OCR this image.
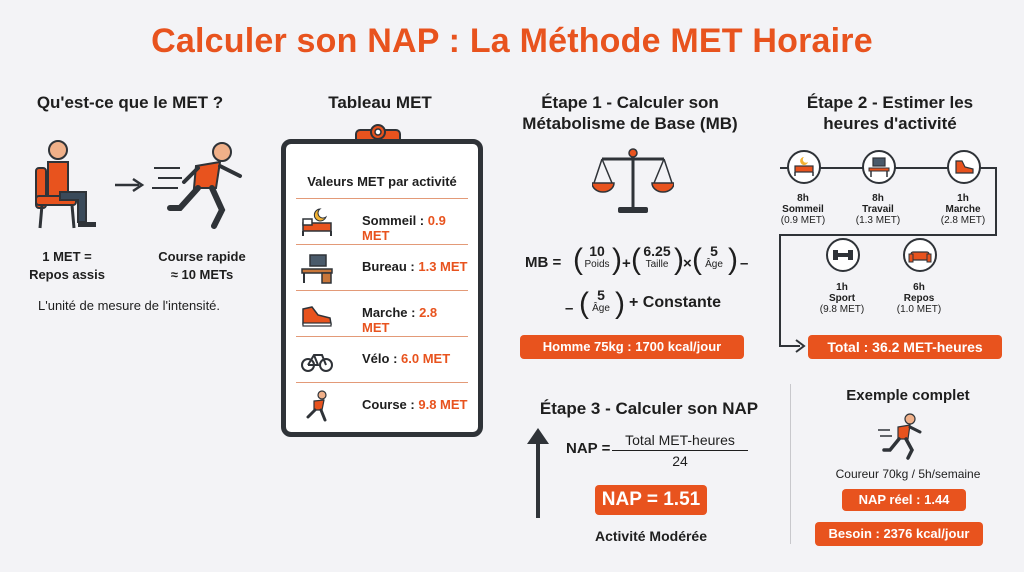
Calculer son NAP : La Méthode MET Horaire
Qu'est-ce que le MET ?
1 MET =
Repos assis
Course rapide
≈ 10 METs
L'unité de mesure de l'intensité.
Tableau MET
Valeurs MET par activité
Sommeil : 0.9 MET
Bureau : 1.3 MET
Marche : 2.8 MET
Vélo : 6.0 MET
Course : 9.8 MET
Étape 1 - Calculer son
Métabolisme de Base (MB)
MB = ( 10
Poids ) + ( 6.25
Taille ) × ( 5
Âge ) –
– ( 5
Âge ) + Constante
Homme 75kg : 1700 kcal/jour
Étape 2 - Estimer les
heures d'activité
8h
Sommeil
(0.9 MET)
8h
Travail
(1.3 MET)
1h
Marche
(2.8 MET)
1h
Sport
(9.8 MET)
6h
Repos
(1.0 MET)
Total : 36.2 MET-heures
Étape 3 - Calculer son NAP
NAP =	Total MET-heures
24
NAP = 1.51
Activité Modérée
Exemple complet
Coureur 70kg / 5h/semaine
NAP réel : 1.44
Besoin : 2376 kcal/jour
